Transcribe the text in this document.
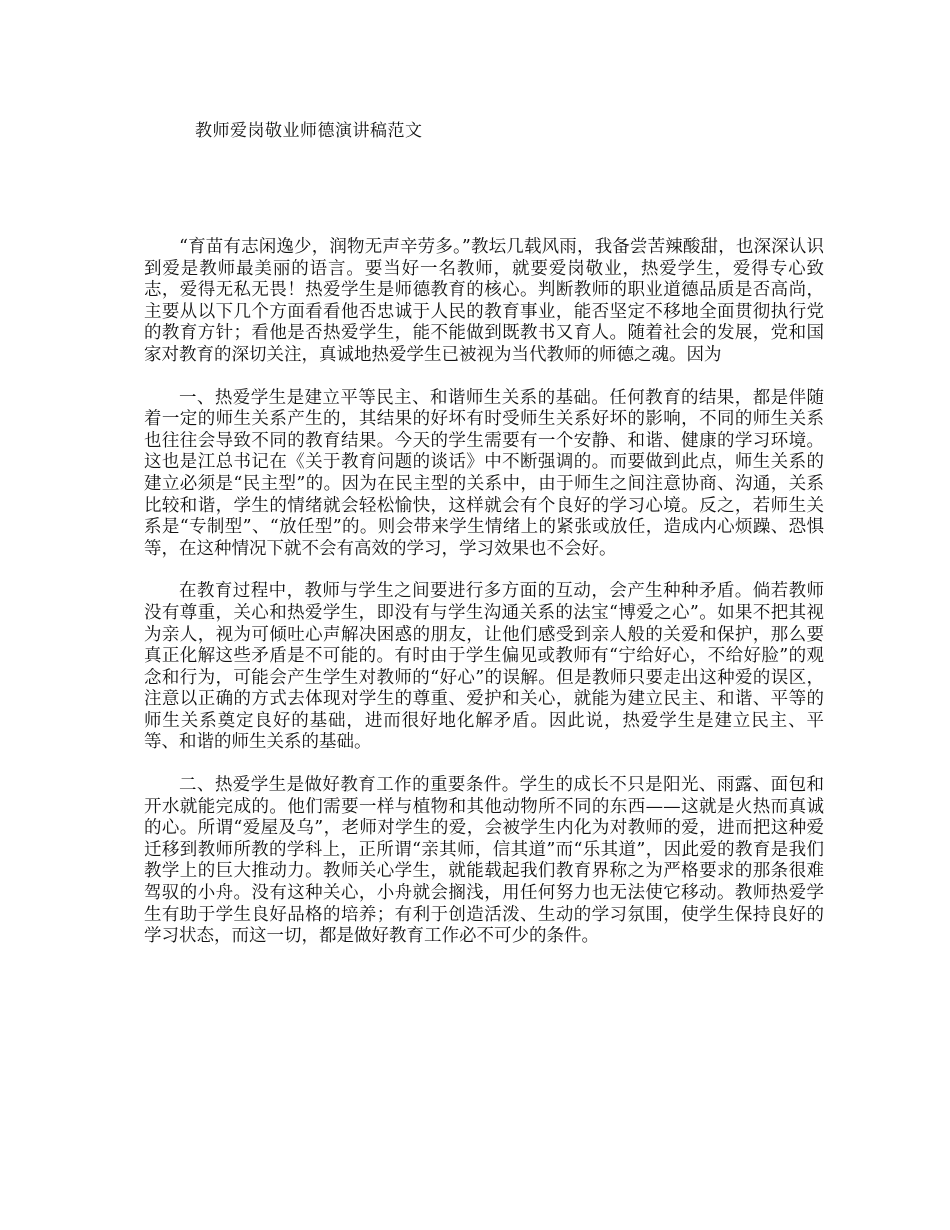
教师爱岗敬业师德演讲稿范文

“育苗有志闲逸少，润物无声辛劳多。”教坛几载风雨，我备尝苦辣酸甜，也深深认识到爱是教师最美丽的语言。要当好一名教师，就要爱岗敬业，热爱学生，爱得专心致志，爱得无私无畏！热爱学生是师德教育的核心。判断教师的职业道德品质是否高尚，主要从以下几个方面看看他否忠诚于人民的教育事业，能否坚定不移地全面贯彻执行党的教育方针；看他是否热爱学生，能不能做到既教书又育人。随着社会的发展，党和国家对教育的深切关注，真诚地热爱学生已被视为当代教师的师德之魂。因为

一、热爱学生是建立平等民主、和谐师生关系的基础。任何教育的结果，都是伴随着一定的师生关系产生的，其结果的好坏有时受师生关系好坏的影响，不同的师生关系也往往会导致不同的教育结果。今天的学生需要有一个安静、和谐、健康的学习环境。这也是江总书记在《关于教育问题的谈话》中不断强调的。而要做到此点，师生关系的建立必须是“民主型”的。因为在民主型的关系中，由于师生之间注意协商、沟通，关系比较和谐，学生的情绪就会轻松愉快，这样就会有个良好的学习心境。反之，若师生关系是“专制型”、“放任型”的。则会带来学生情绪上的紧张或放任，造成内心烦躁、恐惧等，在这种情况下就不会有高效的学习，学习效果也不会好。

在教育过程中，教师与学生之间要进行多方面的互动，会产生种种矛盾。倘若教师没有尊重，关心和热爱学生，即没有与学生沟通关系的法宝“博爱之心”。如果不把其视为亲人，视为可倾吐心声解决困惑的朋友，让他们感受到亲人般的关爱和保护，那么要真正化解这些矛盾是不可能的。有时由于学生偏见或教师有“宁给好心，不给好脸”的观念和行为，可能会产生学生对教师的“好心”的误解。但是教师只要走出这种爱的误区，注意以正确的方式去体现对学生的尊重、爱护和关心，就能为建立民主、和谐、平等的师生关系奠定良好的基础，进而很好地化解矛盾。因此说，热爱学生是建立民主、平等、和谐的师生关系的基础。

二、热爱学生是做好教育工作的重要条件。学生的成长不只是阳光、雨露、面包和开水就能完成的。他们需要一样与植物和其他动物所不同的东西——这就是火热而真诚的心。所谓“爱屋及乌”，老师对学生的爱，会被学生内化为对教师的爱，进而把这种爱迁移到教师所教的学科上，正所谓“亲其师，信其道”而“乐其道”，因此爱的教育是我们教学上的巨大推动力。教师关心学生，就能载起我们教育界称之为严格要求的那条很难驾驭的小舟。没有这种关心，小舟就会搁浅，用任何努力也无法使它移动。教师热爱学生有助于学生良好品格的培养；有利于创造活泼、生动的学习氛围，使学生保持良好的学习状态，而这一切，都是做好教育工作必不可少的条件。
